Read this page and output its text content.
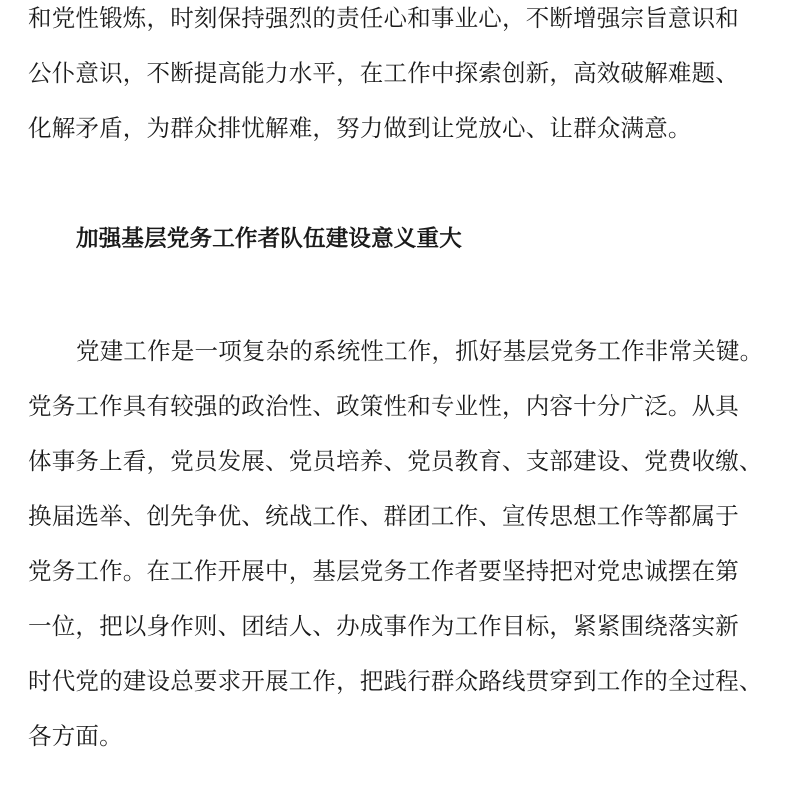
和党性锻炼，时刻保持强烈的责任心和事业心，不断增强宗旨意识和
公仆意识，不断提高能力水平，在工作中探索创新，高效破解难题、
化解矛盾，为群众排忧解难，努力做到让党放心、让群众满意。
加强基层党务工作者队伍建设意义重大
党建工作是一项复杂的系统性工作，抓好基层党务工作非常关键。
党务工作具有较强的政治性、政策性和专业性，内容十分广泛。从具
体事务上看，党员发展、党员培养、党员教育、支部建设、党费收缴、
换届选举、创先争优、统战工作、群团工作、宣传思想工作等都属于
党务工作。在工作开展中，基层党务工作者要坚持把对党忠诚摆在第
一位，把以身作则、团结人、办成事作为工作目标，紧紧围绕落实新
时代党的建设总要求开展工作，把践行群众路线贯穿到工作的全过程、
各方面。
